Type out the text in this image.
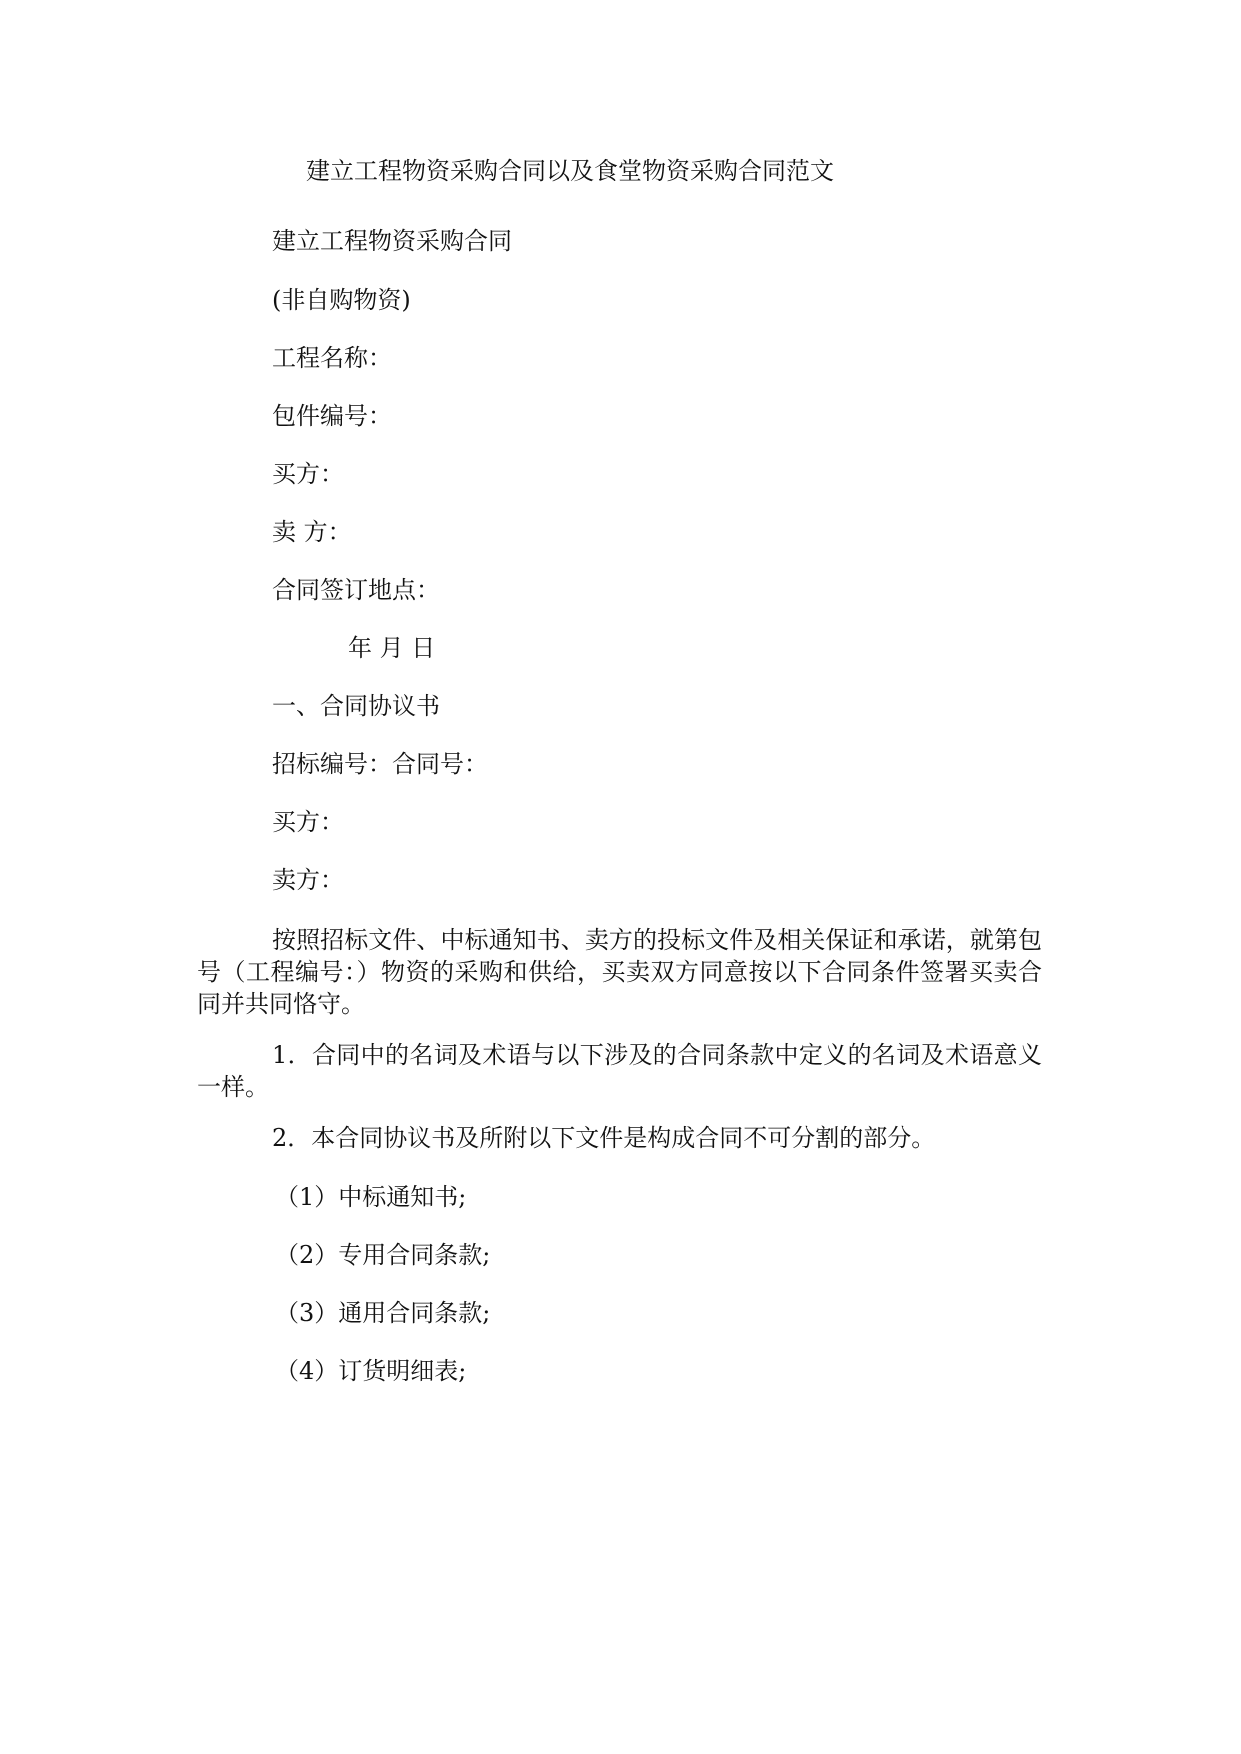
建立工程物资采购合同以及食堂物资采购合同范文
建立工程物资采购合同
(非自购物资)
工程名称：
包件编号：
买方：
卖 方：
合同签订地点：
年 月 日
一、合同协议书
招标编号：合同号：
买方：
卖方：
按照招标文件、中标通知书、卖方的投标文件及相关保证和承诺，就第包号（工程编号：）物资的采购和供给，买卖双方同意按以下合同条件签署买卖合同并共同恪守。
1．合同中的名词及术语与以下涉及的合同条款中定义的名词及术语意义一样。
2．本合同协议书及所附以下文件是构成合同不可分割的部分。
（1）中标通知书;
（2）专用合同条款;
（3）通用合同条款;
（4）订货明细表;
